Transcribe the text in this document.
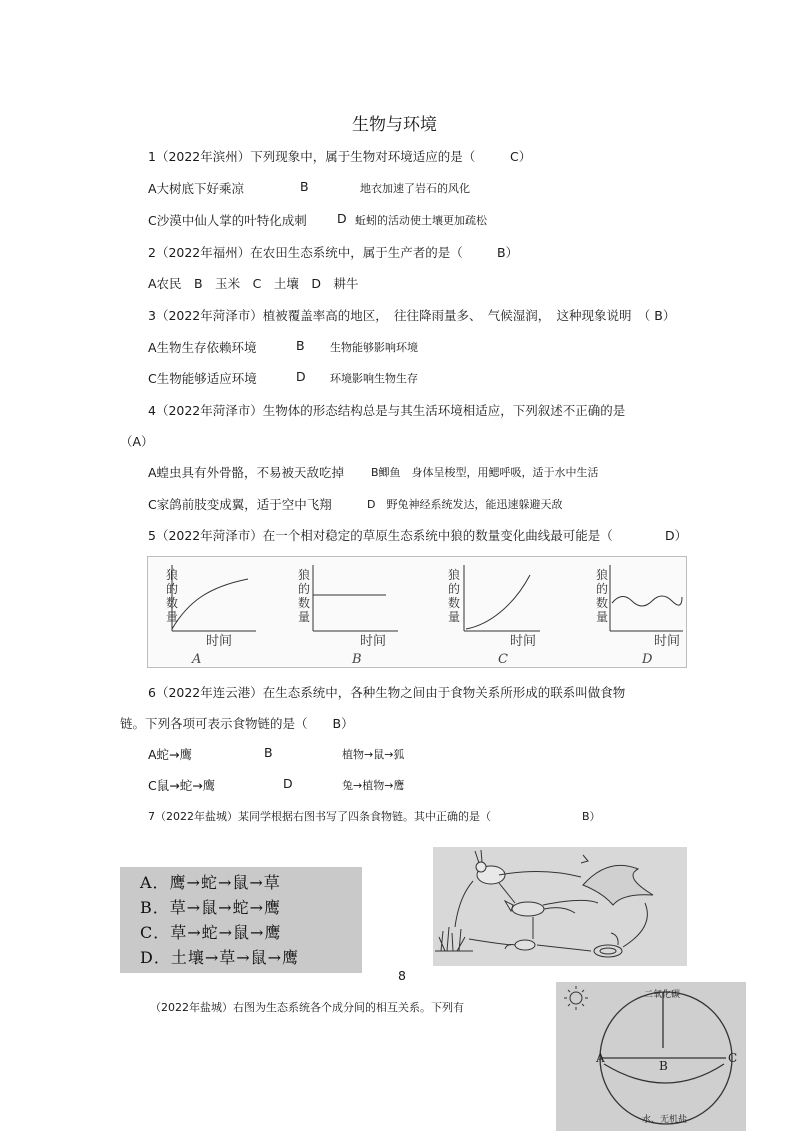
生物与环境
1（2022年滨州）下列现象中，属于生物对环境适应的是（	C）
A大树底下好乘凉	B	地衣加速了岩石的风化
C沙漠中仙人掌的叶特化成刺 D 蚯蚓的活动使土壤更加疏松
2（2022年福州）在农田生态系统中，属于生产者的是（	B）
A农民　B　玉米　C　土壤　D　耕牛
3（2022年菏泽市）植被覆盖率高的地区，　往往降雨量多、　气候湿润，　这种现象说明　（ B）
A生物生存依赖环境	B 生物能够影响环境
C生物能够适应环境	D 环境影响生物生存
4（2022年菏泽市）生物体的形态结构总是与其生活环境相适应，下列叙述不正确的是
（A）
A蝗虫具有外骨骼，不易被天敌吃掉 B鲫鱼　身体呈梭型，用鳃呼吸，适于水中生活
C家鸽前肢变成翼，适于空中飞翔	D　野兔神经系统发达，能迅速躲避天敌
5（2022年菏泽市）在一个相对稳定的草原生态系统中狼的数量变化曲线最可能是（	D）
狼
的
数
量
时间
A
狼
的
数
量
时间
B
狼
的
数
量
时间
C
狼
的
数
量
时间
D
6（2022年连云港）在生态系统中，各种生物之间由于食物关系所形成的联系叫做食物
链。下列各项可表示食物链的是（　　B）
A蛇→鹰	B	植物→鼠→狐
C鼠→蛇→鹰	D	兔→植物→鹰
7（2022年盐城）某同学根据右图书写了四条食物链。其中正确的是（	B）
A．鹰→蛇→鼠→草
B．草→鼠→蛇→鹰
C．草→蛇→鼠→鹰
D．土壤→草→鼠→鹰
8
（2022年盐城）右图为生态系统各个成分间的相互关系。下列有
二氧化碳
A
B
C
水、无机盐
